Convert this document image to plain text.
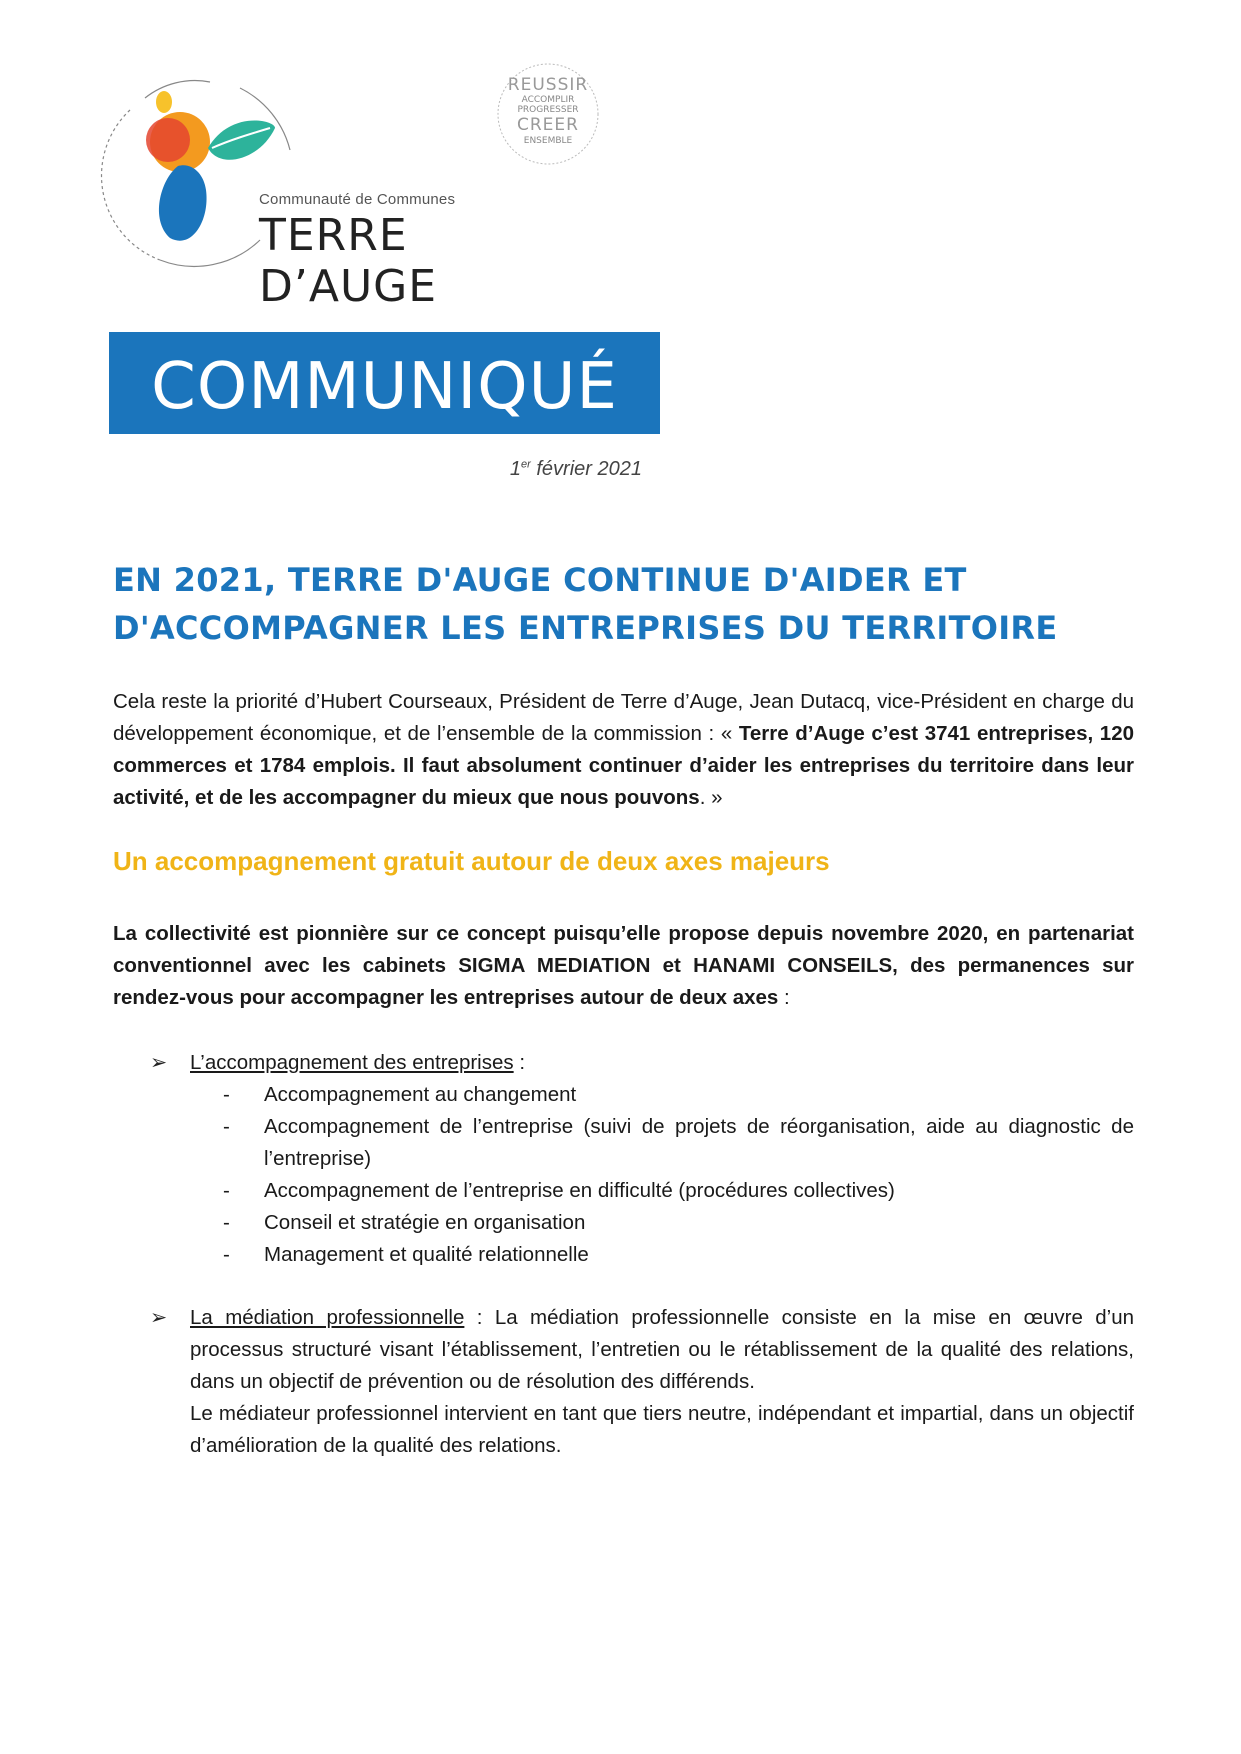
Communauté de Communes
TERRE D’AUGE
REUSSIR
ACCOMPLIR
PROGRESSER
CREER
ENSEMBLE
COMMUNIQUÉ
1er février 2021
EN 2021, TERRE D'AUGE CONTINUE D'AIDER ET
D'ACCOMPAGNER LES ENTREPRISES DU TERRITOIRE
Cela reste la priorité d’Hubert Courseaux, Président de Terre d’Auge, Jean Dutacq, vice-Président en charge du développement économique, et de l’ensemble de la commission : « Terre d’Auge c’est 3741 entreprises, 120 commerces et 1784 emplois. Il faut absolument continuer d’aider les entreprises du territoire dans leur activité, et de les accompagner du mieux que nous pouvons. »
Un accompagnement gratuit autour de deux axes majeurs
La collectivité est pionnière sur ce concept puisqu’elle propose depuis novembre 2020, en partenariat conventionnel avec les cabinets SIGMA MEDIATION et HANAMI CONSEILS, des permanences sur rendez-vous pour accompagner les entreprises autour de deux axes :
➢ L’accompagnement des entreprises :
- Accompagnement au changement
- Accompagnement de l’entreprise (suivi de projets de réorganisation, aide au diagnostic de l’entreprise)
- Accompagnement de l’entreprise en difficulté (procédures collectives)
- Conseil et stratégie en organisation
- Management et qualité relationnelle
➢ La médiation professionnelle : La médiation professionnelle consiste en la mise en œuvre d’un processus structuré visant l’établissement, l’entretien ou le rétablissement de la qualité des relations, dans un objectif de prévention ou de résolution des différends.
Le médiateur professionnel intervient en tant que tiers neutre, indépendant et impartial, dans un objectif d’amélioration de la qualité des relations.
